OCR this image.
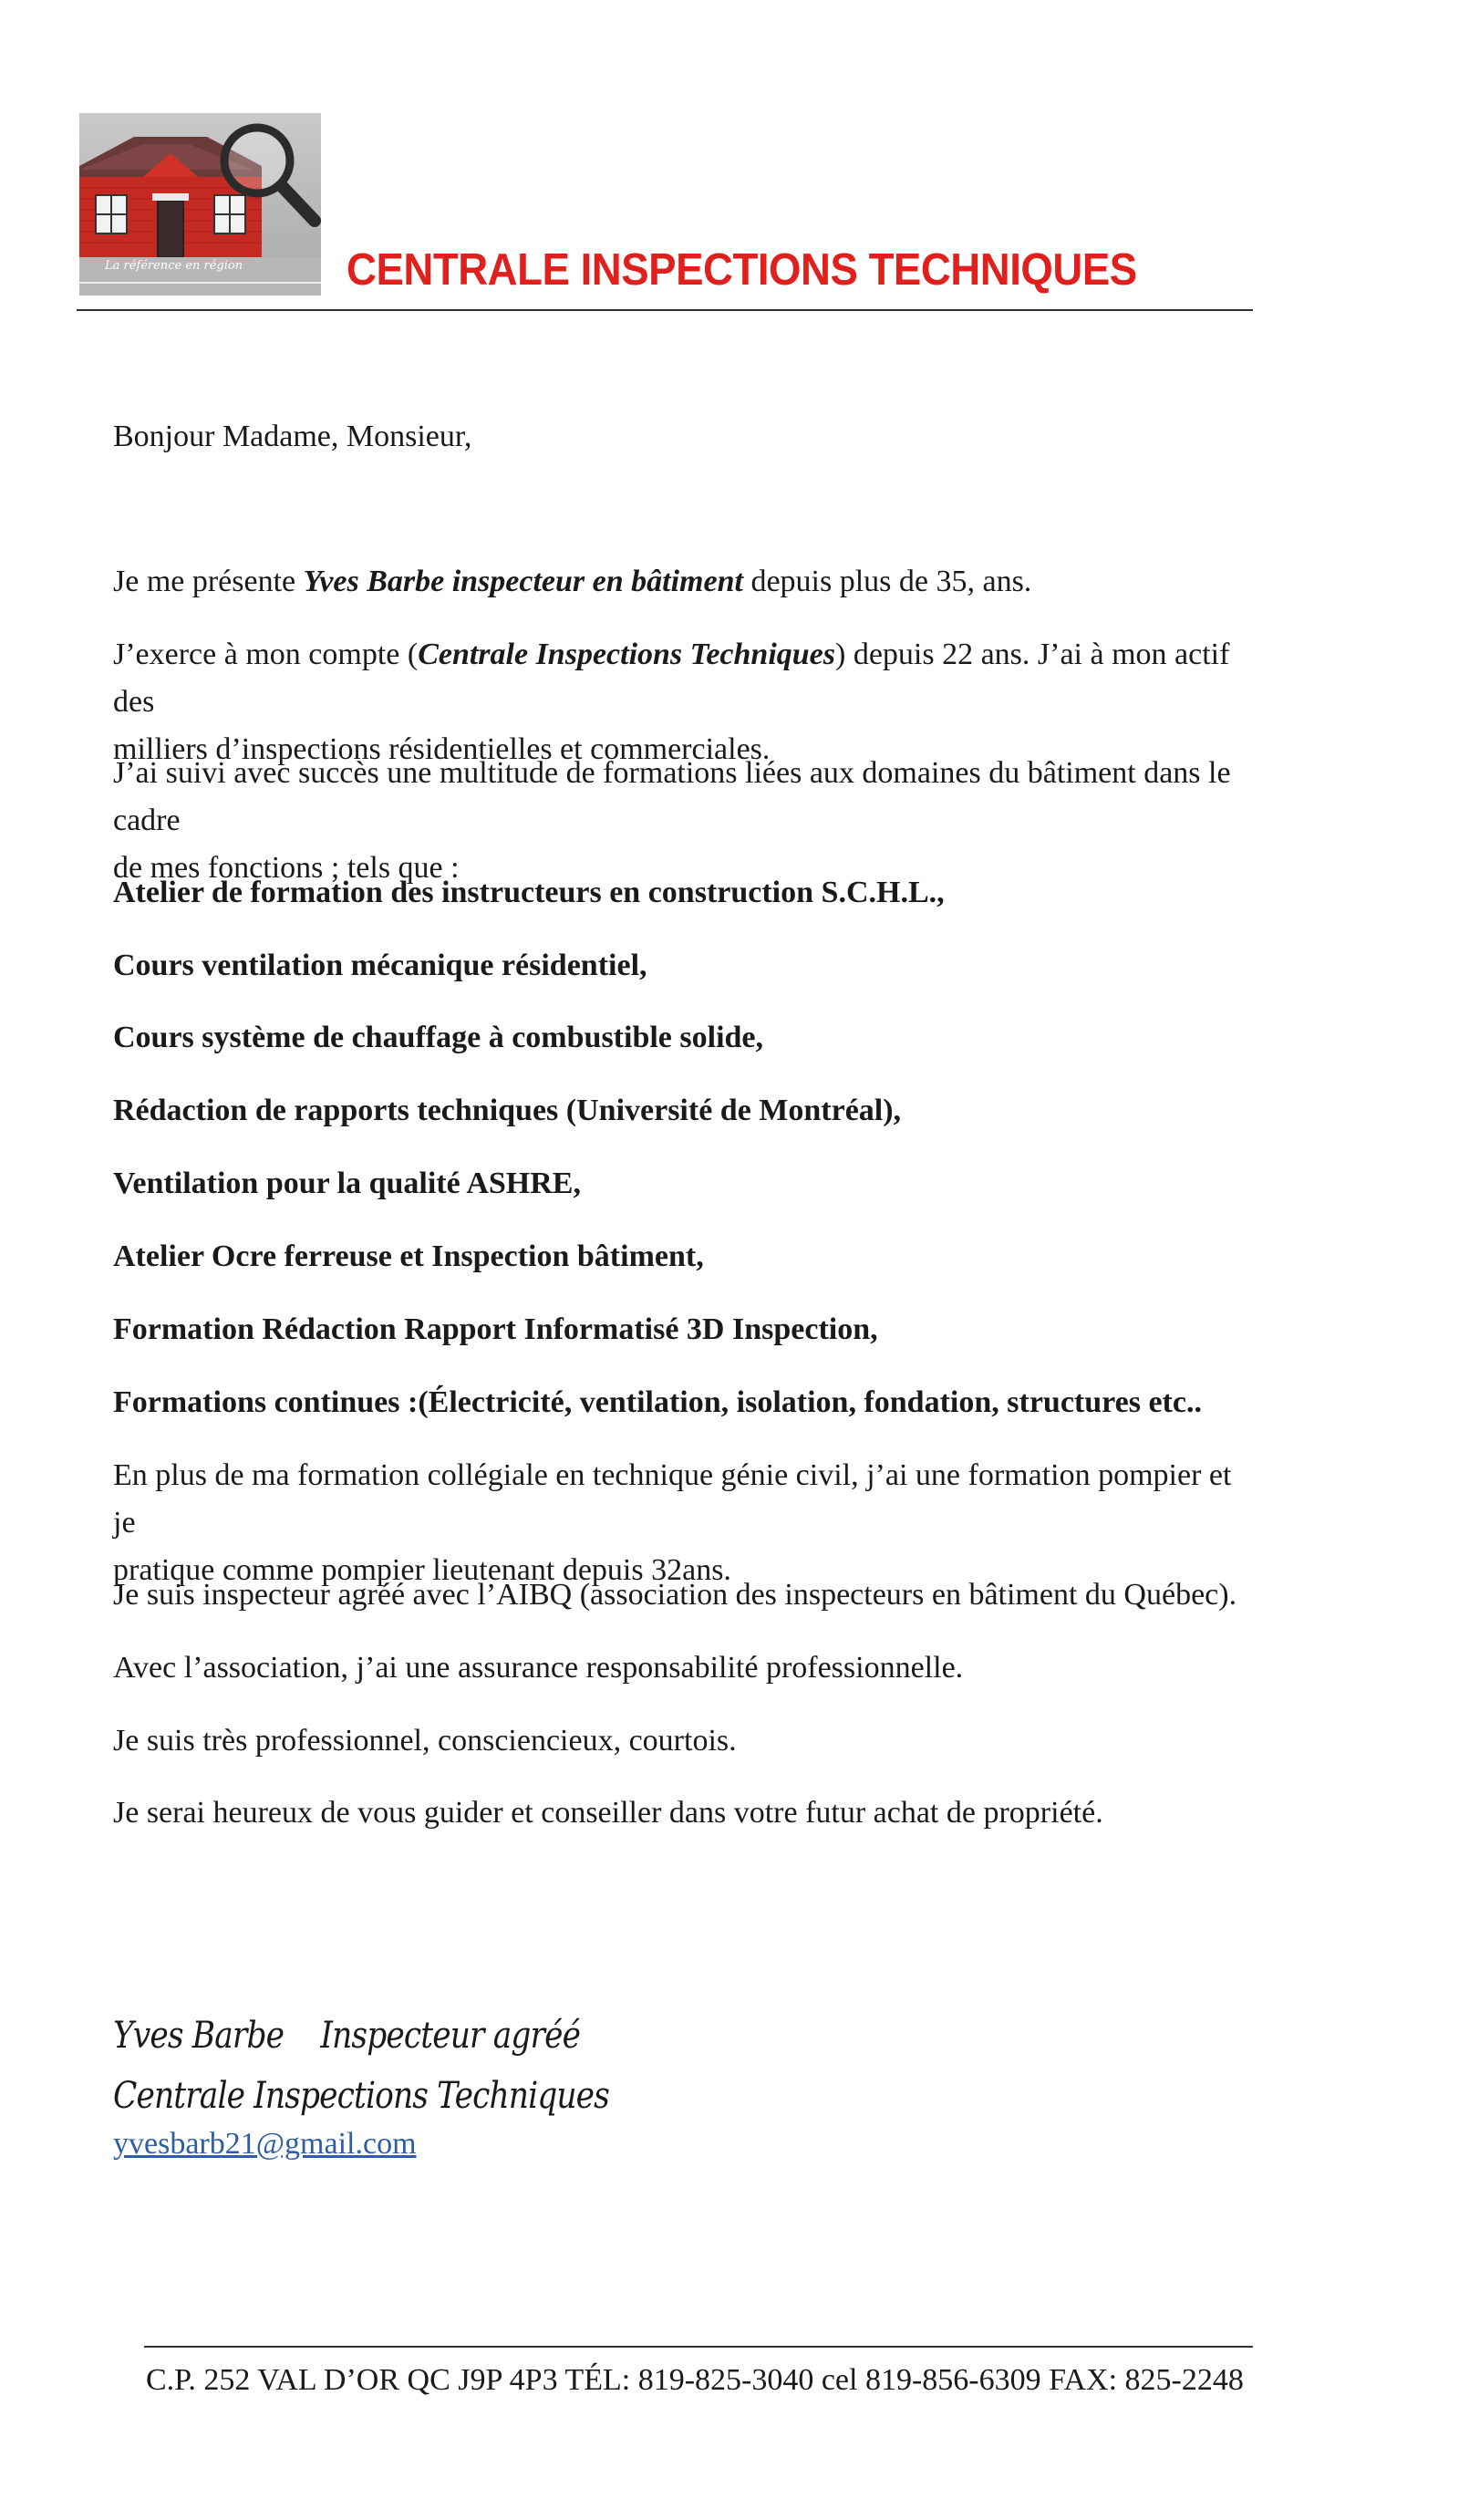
La référence en région CENTRALE INSPECTIONS TECHNIQUES

Bonjour Madame, Monsieur,

Je me présente Yves Barbe inspecteur en bâtiment depuis plus de 35, ans.

J’exerce à mon compte (Centrale Inspections Techniques) depuis 22 ans. J’ai à mon actif des
milliers d’inspections résidentielles et commerciales.

J’ai suivi avec succès une multitude de formations liées aux domaines du bâtiment dans le cadre
de mes fonctions ; tels que :

Atelier de formation des instructeurs en construction S.C.H.L.,

Cours ventilation mécanique résidentiel,

Cours système de chauffage à combustible solide,

Rédaction de rapports techniques (Université de Montréal),

Ventilation pour la qualité ASHRE,

Atelier Ocre ferreuse et Inspection bâtiment,

Formation Rédaction Rapport Informatisé 3D Inspection,

Formations continues :(Électricité, ventilation, isolation, fondation, structures etc..

En plus de ma formation collégiale en technique génie civil, j’ai une formation pompier et je
pratique comme pompier lieutenant depuis 32ans.

Je suis inspecteur agréé avec l’AIBQ (association des inspecteurs en bâtiment du Québec).

Avec l’association, j’ai une assurance responsabilité professionnelle.

Je suis très professionnel, consciencieux, courtois.

Je serai heureux de vous guider et conseiller dans votre futur achat de propriété.

Yves Barbe    Inspecteur agréé
Centrale Inspections Techniques
yvesbarb21@gmail.com
C.P. 252 VAL D’OR QC J9P 4P3 TÉL: 819-825-3040 cel 819-856-6309 FAX: 825-2248
